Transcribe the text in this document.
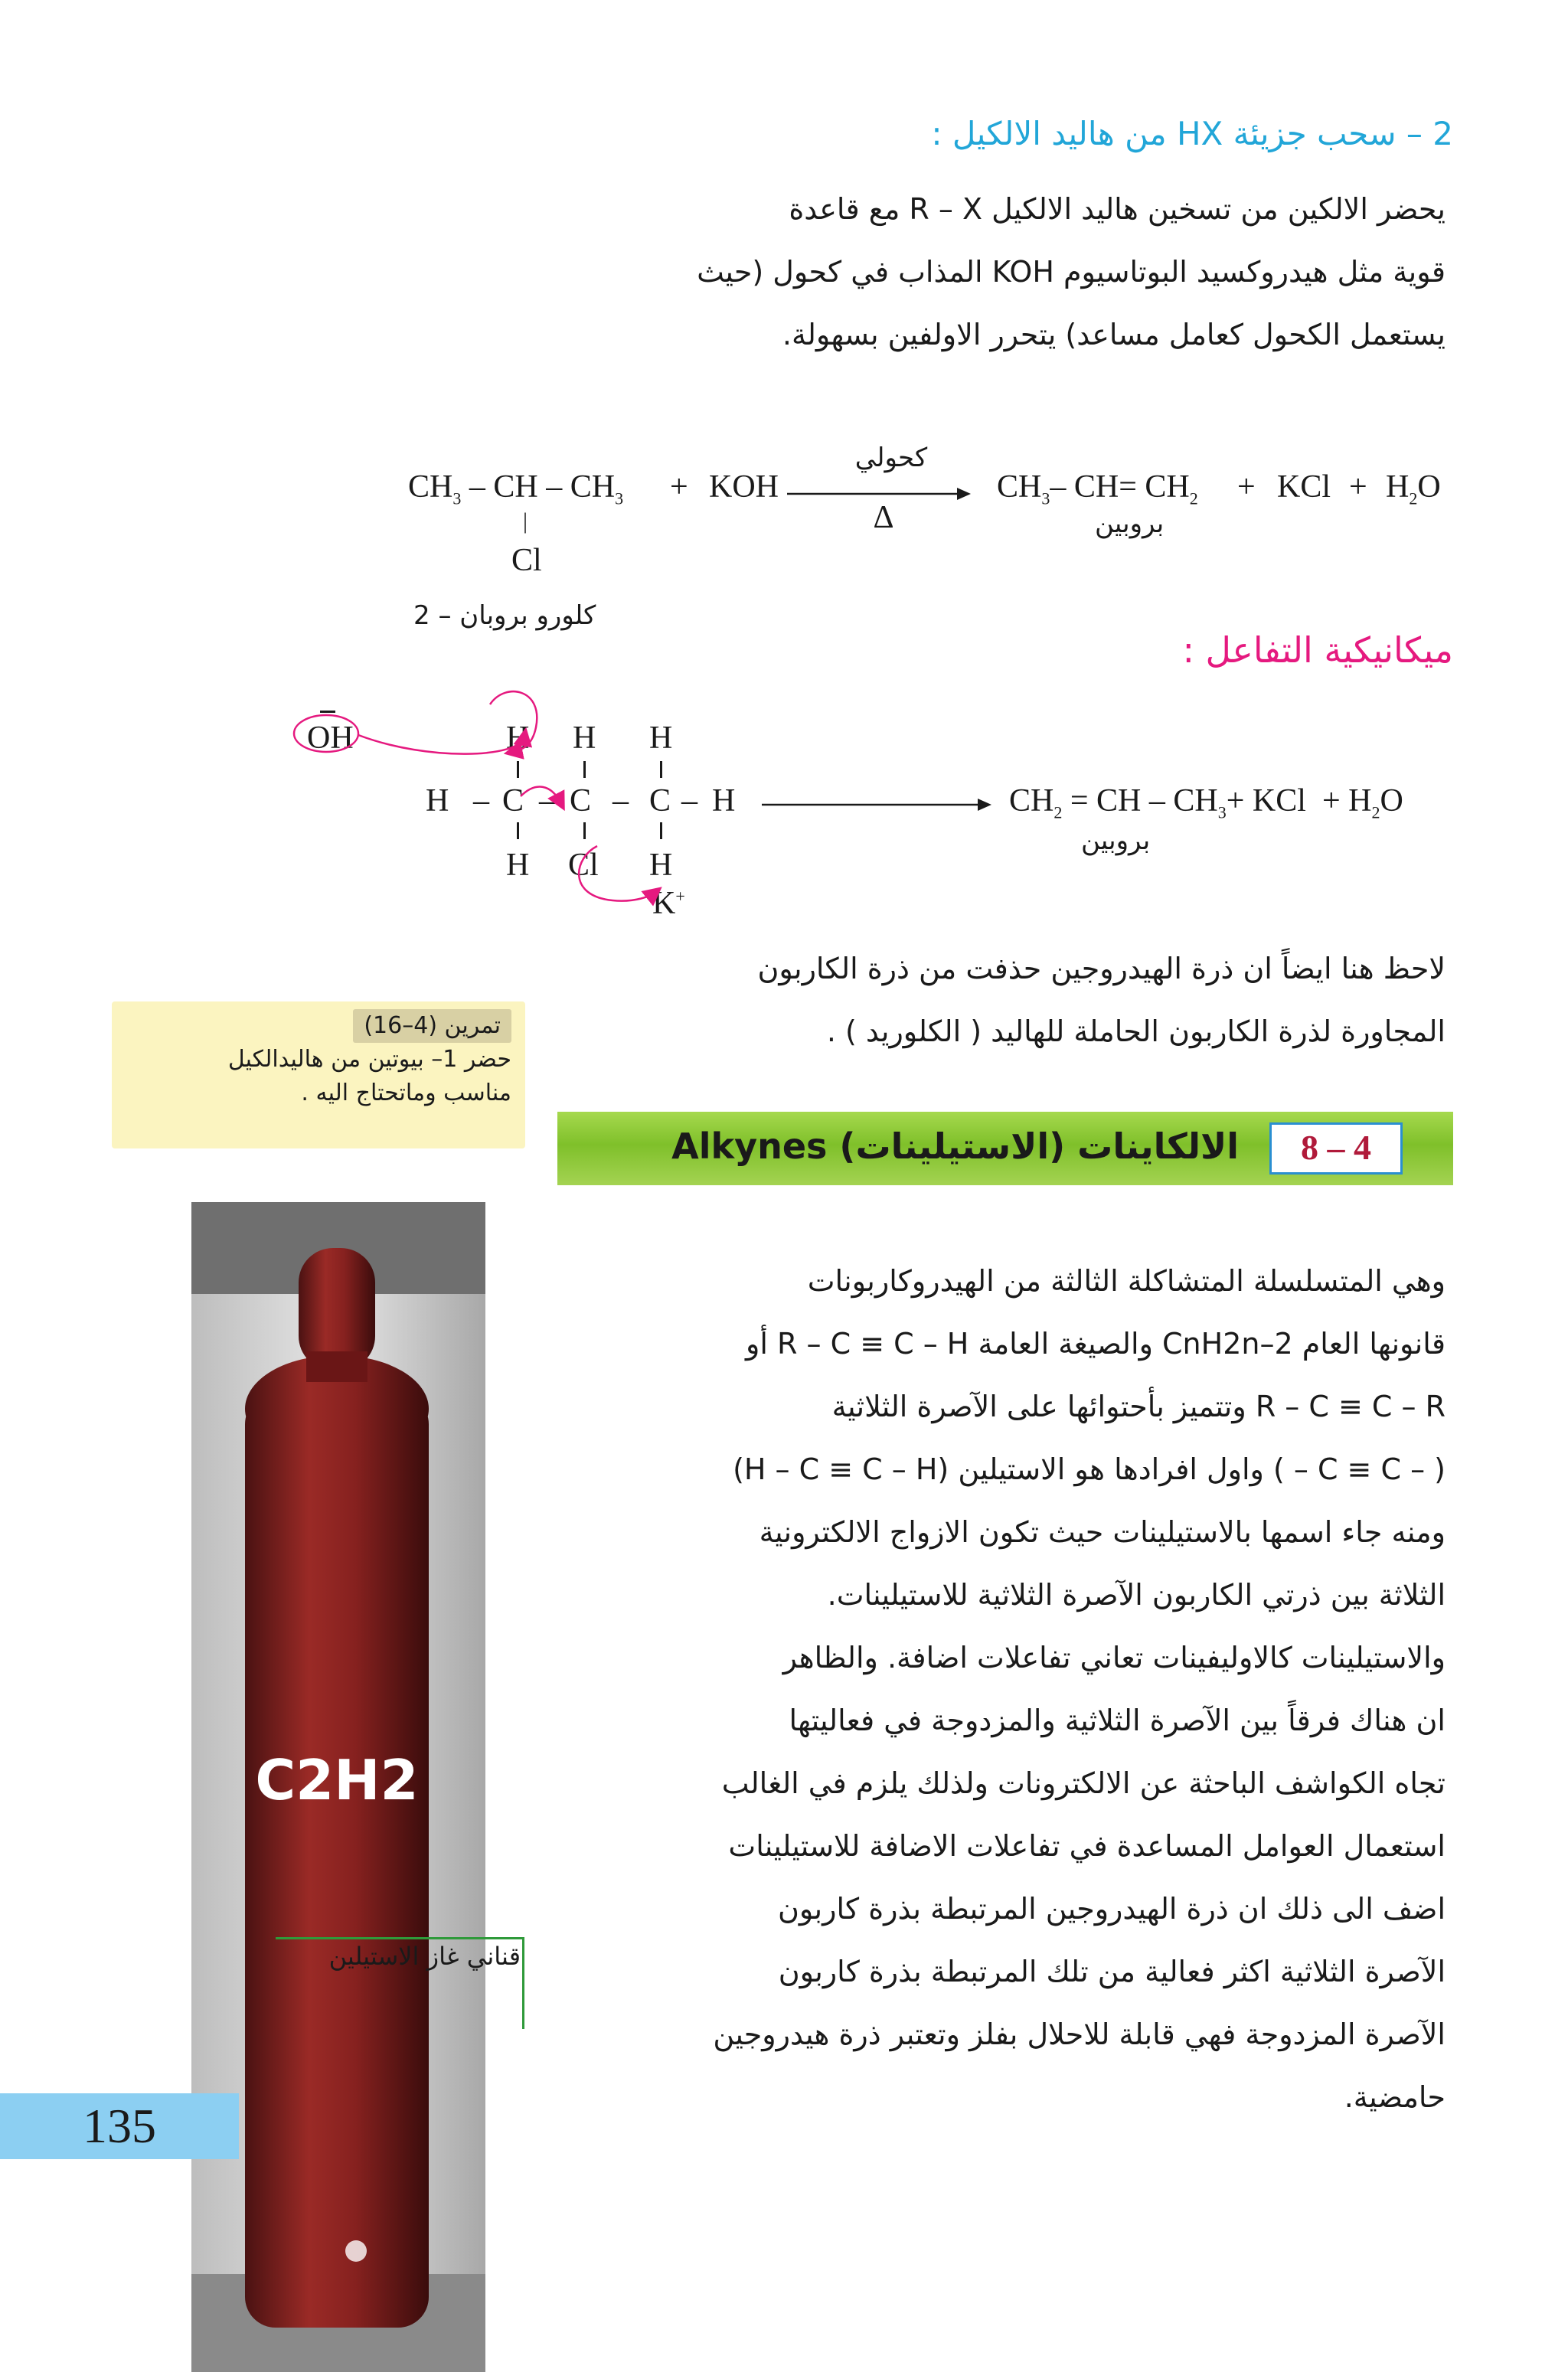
2 – سحب جزيئة HX من هاليد الالكيل :
يحضر الالكين من تسخين هاليد الالكيل R – X مع قاعدة
قوية مثل هيدروكسيد البوتاسيوم KOH المذاب في كحول (حيث
يستعمل الكحول كعامل مساعد) يتحرر الاولفين بسهولة.
$CH_3$ – CH – $CH_3$ + KOH
كحولي
Δ
$CH_3-$ $CH= CH_2$ + KCl + $H_2O$
|
Cl
بروبين
2 – كلورو بروبان
ميكانيكية التفاعل :
OH	H H H
H – C – C – C – H
H Cl H
K+
$CH_2$ = CH – $CH_3+$ KCl  + $H_2O$
بروبين
لاحظ هنا ايضاً ان ذرة الهيدروجين حذفت من ذرة الكاربون
المجاورة لذرة الكاربون الحاملة للهاليد ( الكلوريد ) .
تمرين (4–16)
حضر 1– بيوتين من هاليدالكيل
مناسب وماتحتاج اليه .
8 – 4
الالكاينات (الاستيلينات) Alkynes
C2H2
قناني غاز الاستيلين
وهي المتسلسلة المتشاكلة الثالثة من الهيدروكاربونات
قانونها العام CnH2n–2 والصيغة العامة R – C ≡ C – H أو
R – C ≡ C – R وتتميز بأحتوائها على الآصرة الثلاثية
( – C ≡ C – ) واول افرادها هو الاستيلين (H – C ≡ C – H)
ومنه جاء اسمها بالاستيلينات حيث تكون الازواج الالكترونية
الثلاثة بين ذرتي الكاربون الآصرة الثلاثية للاستيلينات.
والاستيلينات كالاوليفينات تعاني تفاعلات اضافة. والظاهر
ان هناك فرقاً بين الآصرة الثلاثية والمزدوجة في فعاليتها
تجاه الكواشف الباحثة عن الالكترونات ولذلك يلزم في الغالب
استعمال العوامل المساعدة في تفاعلات الاضافة للاستيلينات
اضف الى ذلك ان ذرة الهيدروجين المرتبطة بذرة كاربون
الآصرة الثلاثية اكثر فعالية من تلك المرتبطة بذرة كاربون
الآصرة المزدوجة فهي قابلة للاحلال بفلز وتعتبر ذرة هيدروجين
حامضية.
135
